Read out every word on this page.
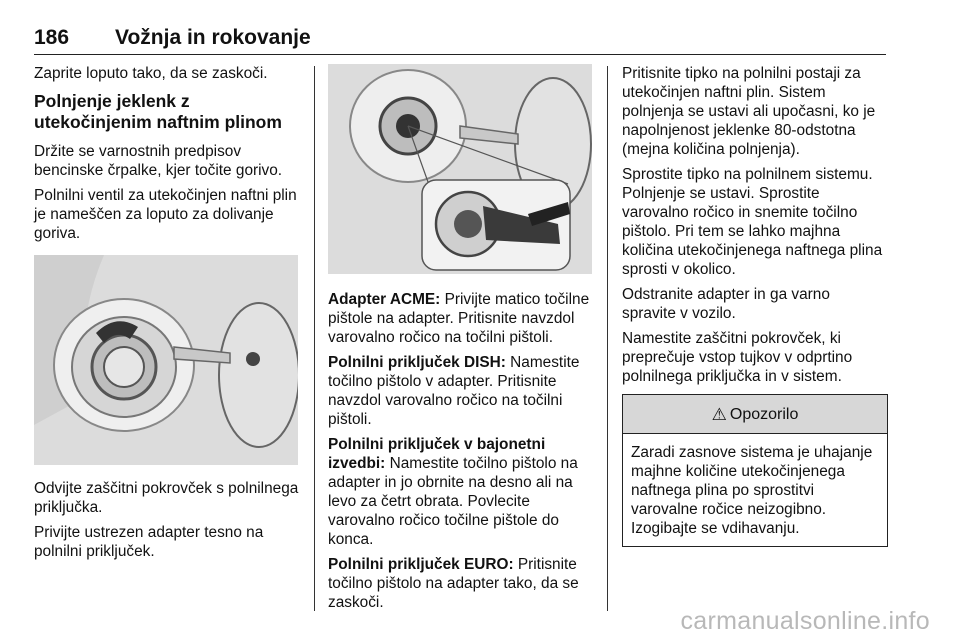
186 Vožnja in rokovanje

Zaprite loputo tako, da se zaskoči.

Polnjenje jeklenk z utekočinjenim naftnim plinom

Držite se varnostnih predpisov bencinske črpalke, kjer točite gorivo.

Polnilni ventil za utekočinjen naftni plin je nameščen za loputo za dolivanje goriva.

Odvijte zaščitni pokrovček s polnilnega priključka.

Privijte ustrezen adapter tesno na polnilni priključek.

Adapter ACME: Privijte matico točilne pištole na adapter. Pritisnite navzdol varovalno ročico na točilni pištoli.

Polnilni priključek DISH: Namestite točilno pištolo v adapter. Pritisnite navzdol varovalno ročico na točilni pištoli.

Polnilni priključek v bajonetni izvedbi: Namestite točilno pištolo na adapter in jo obrnite na desno ali na levo za četrt obrata. Povlecite varovalno ročico točilne pištole do konca.

Polnilni priključek EURO: Pritisnite točilno pištolo na adapter tako, da se zaskoči.

Pritisnite tipko na polnilni postaji za utekočinjen naftni plin. Sistem polnjenja se ustavi ali upočasni, ko je napolnjenost jeklenke 80-odstotna (mejna količina polnjenja).

Sprostite tipko na polnilnem sistemu. Polnjenje se ustavi. Sprostite varovalno ročico in snemite točilno pištolo. Pri tem se lahko majhna količina utekočinjenega naftnega plina sprosti v okolico.

Odstranite adapter in ga varno spravite v vozilo.

Namestite zaščitni pokrovček, ki preprečuje vstop tujkov v odprtino polnilnega priključka in v sistem.

⚠ Opozorilo
Zaradi zasnove sistema je uhajanje majhne količine utekočinjenega naftnega plina po sprostitvi varovalne ročice neizogibno. Izogibajte se vdihavanju.
carmanualsonline.info
